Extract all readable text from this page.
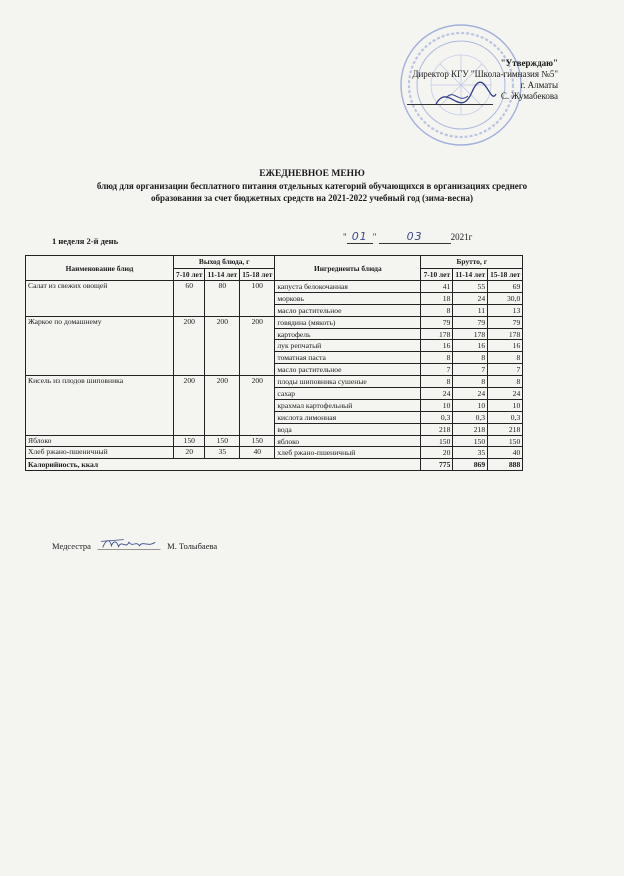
"Утверждаю"
Директор КГУ "Школа-гимназия №5"
г. Алматы
С. Жумабекова
ЕЖЕДНЕВНОЕ МЕНЮ
блюд для организации бесплатного питания отдельных категорий обучающихся в организациях среднего
образования за счет бюджетных средств на 2021-2022 учебный год (зима-весна)
1 неделя 2-й день	" 01 "	03	2021г
Наименование блюд	Выход блюда, г			Ингредиенты блюда	Брутто, г		
	7-10 лет	11-14 лет	15-18 лет		7-10 лет	11-14 лет	15-18 лет
Салат из свежих овощей	60	80	100	капуста белокочанная	41	55	69
				морковь	18	24	30,0
				масло растительное	8	11	13
Жаркое по домашнему	200	200	200	говядина (мякоть)	79	79	79
				картофель	178	178	178
				лук репчатый	16	16	16
				томатная паста	8	8	8
				масло растительное	7	7	7
Кисель из плодов шиповника	200	200	200	плоды шиповника сушеные	8	8	8
				сахар	24	24	24
				крахмал картофельный	10	10	10
				кислота лимонная	0,3	0,3	0,3
				вода	218	218	218
Яблоко	150	150	150	яблоко	150	150	150
Хлеб ржано-пшеничный	20	35	40	хлеб ржано-пшеничный	20	35	40
Калорийность, ккал					775	869	888
Медсестра	М. Толыбаева
